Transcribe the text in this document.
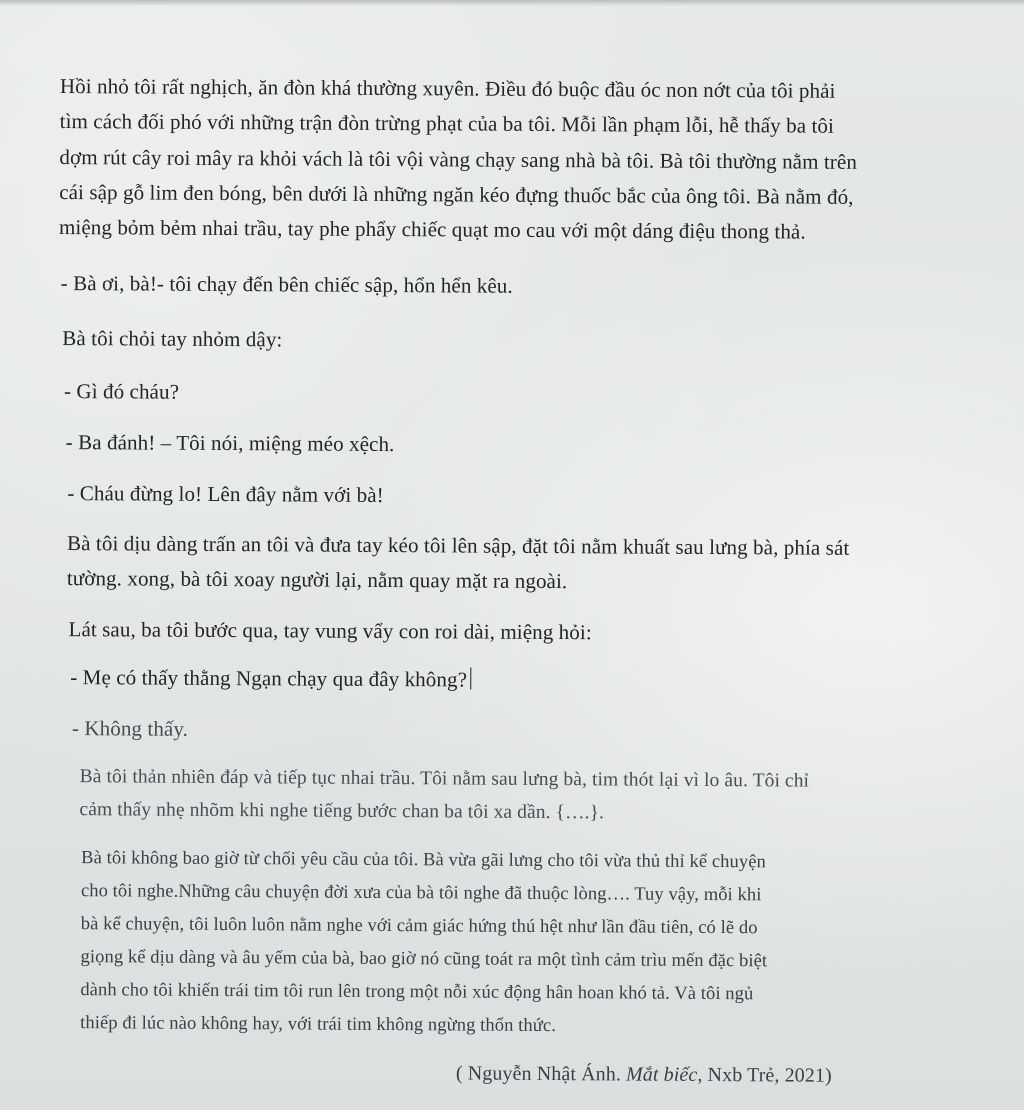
Hồi nhỏ tôi rất nghịch, ăn đòn khá thường xuyên. Điều đó buộc đầu óc non nớt của tôi phải
tìm cách đối phó với những trận đòn trừng phạt của ba tôi. Mỗi lần phạm lỗi, hễ thấy ba tôi
dợm rút cây roi mây ra khỏi vách là tôi vội vàng chạy sang nhà bà tôi. Bà tôi thường nằm trên
cái sập gỗ lim đen bóng, bên dưới là những ngăn kéo đựng thuốc bắc của ông tôi. Bà nằm đó,
miệng bỏm bẻm nhai trầu, tay phe phẩy chiếc quạt mo cau với một dáng điệu thong thả.
- Bà ơi, bà!- tôi chạy đến bên chiếc sập, hổn hển kêu.
Bà tôi chỏi tay nhỏm dậy:
- Gì đó cháu?
- Ba đánh! – Tôi nói, miệng méo xệch.
- Cháu đừng lo! Lên đây nằm với bà!
Bà tôi dịu dàng trấn an tôi và đưa tay kéo tôi lên sập, đặt tôi nằm khuất sau lưng bà, phía sát
tường. xong, bà tôi xoay người lại, nằm quay mặt ra ngoài.
Lát sau, ba tôi bước qua, tay vung vẩy con roi dài, miệng hỏi:
- Mẹ có thấy thằng Ngạn chạy qua đây không?
- Không thấy.
Bà tôi thản nhiên đáp và tiếp tục nhai trầu. Tôi nằm sau lưng bà, tim thót lại vì lo âu. Tôi chỉ
cảm thấy nhẹ nhõm khi nghe tiếng bước chan ba tôi xa dần. {….}.
Bà tôi không bao giờ từ chối yêu cầu của tôi. Bà vừa gãi lưng cho tôi vừa thủ thỉ kể chuyện
cho tôi nghe.Những câu chuyện đời xưa của bà tôi nghe đã thuộc lòng…. Tuy vậy, mỗi khi
bà kể chuyện, tôi luôn luôn nằm nghe với cảm giác hứng thú hệt như lần đầu tiên, có lẽ do
giọng kể dịu dàng và âu yếm của bà, bao giờ nó cũng toát ra một tình cảm trìu mến đặc biệt
dành cho tôi khiến trái tim tôi run lên trong một nỗi xúc động hân hoan khó tả. Và tôi ngủ
thiếp đi lúc nào không hay, với trái tim không ngừng thổn thức.
( Nguyễn Nhật Ánh. Mắt biếc, Nxb Trẻ, 2021)
